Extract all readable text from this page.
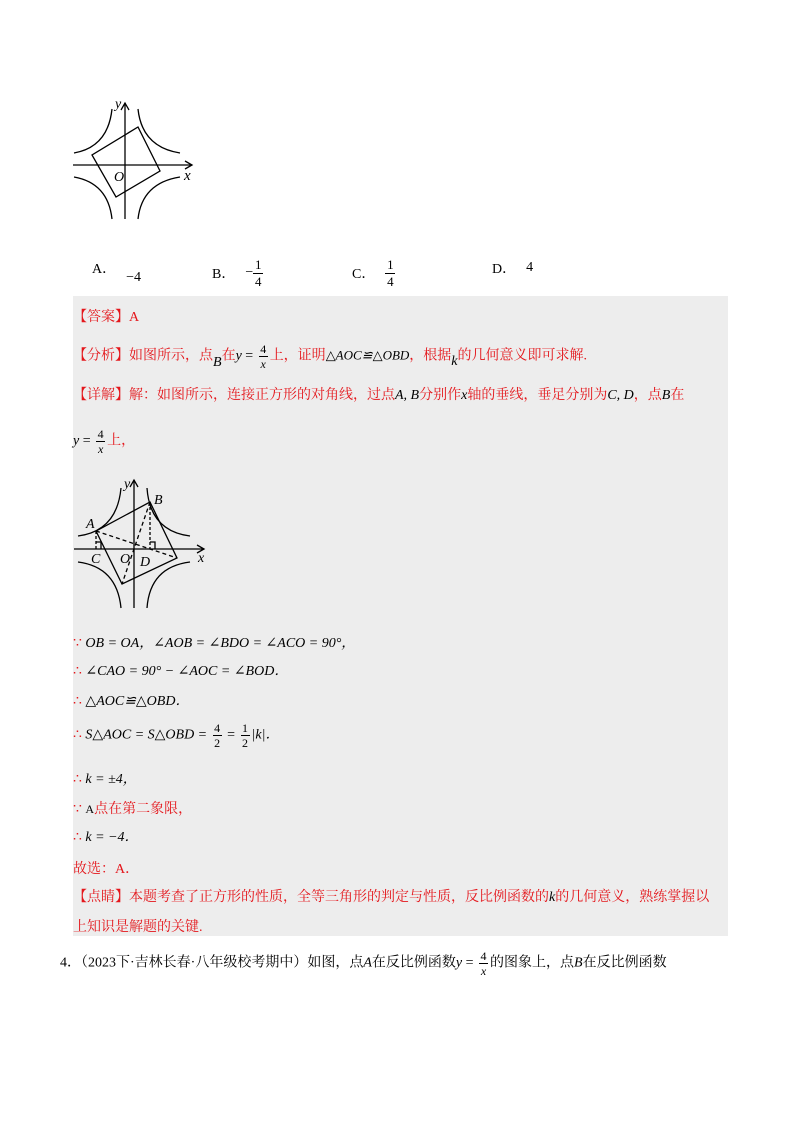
y
x
O
A．
−4	B． − $\frac{1}{4}$	C． $\frac{1}{4}$	D． 4
【答案】A
【分析】如图所示，点B在$y = \frac{4}{x}$ 上，证明△AOC≌△OBD，根据k的几何意义即可求解.
【详解】解：如图所示，连接正方形的对角线，过点A, B分别作x轴的垂线，垂足分别为C, D，点B在
$y = \frac{4}{x}$ 上，
y
x
O
A
B
C	D
∵ OB = OA，∠AOB = ∠BDO = ∠ACO = 90°，
∴ ∠CAO = 90° − ∠AOC = ∠BOD．
∴ △AOC≌△OBD．
∴ S△AOC = S△OBD = $\frac{4}{2} = \frac{1}{2} |k|$．
∴ k = ±4，
∵ A点在第二象限，
∴ k = −4．
故选：A．
【点睛】本题考查了正方形的性质，全等三角形的判定与性质，反比例函数的k的几何意义，熟练掌握以
上知识是解题的关键.
4．（2023下·吉林长春·八年级校考期中）如图，点A在反比例函数$y = \frac{4}{x}$ 的图象上，点B在反比例函数
